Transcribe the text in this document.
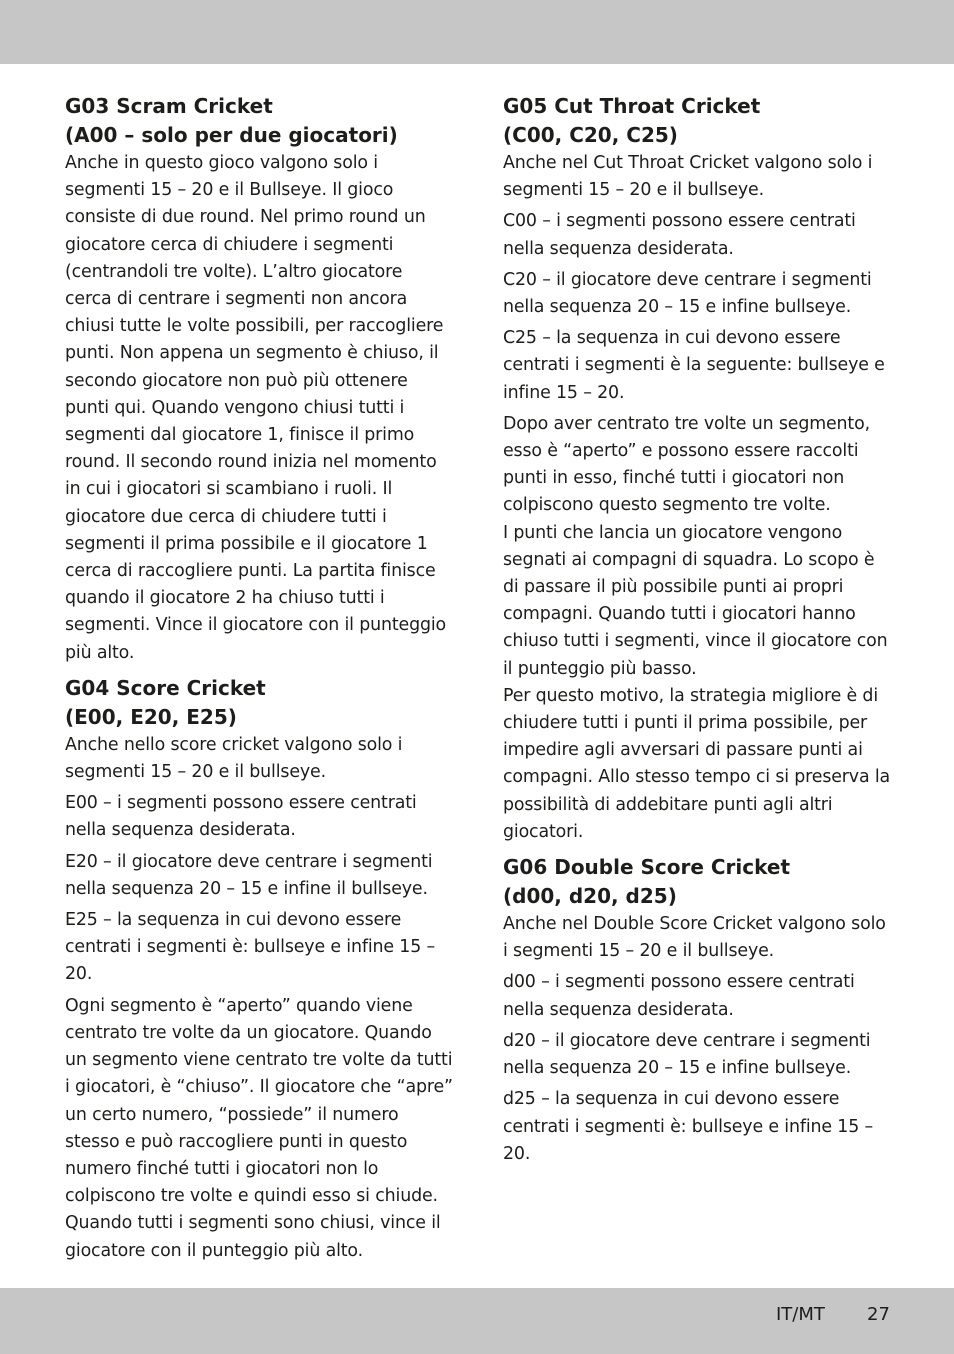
G03 Scram Cricket
(A00 – solo per due giocatori)

Anche in questo gioco valgono solo i segmenti 15 – 20 e il Bullseye. Il gioco consiste di due round. Nel primo round un giocatore cerca di chiudere i segmenti (centrandoli tre volte). L’altro giocatore cerca di centrare i segmenti non ancora chiusi tutte le volte possibili, per raccogliere punti. Non appena un segmento è chiuso, il secondo giocatore non può più ottenere punti qui. Quando vengono chiusi tutti i segmenti dal giocatore 1, finisce il primo round. Il secondo round inizia nel momento in cui i giocatori si scambiano i ruoli. Il giocatore due cerca di chiudere tutti i segmenti il prima possibile e il giocatore 1 cerca di raccogliere punti. La partita finisce quando il giocatore 2 ha chiuso tutti i segmenti. Vince il giocatore con il punteggio più alto.

G04 Score Cricket
(E00, E20, E25)

Anche nello score cricket valgono solo i segmenti 15 – 20 e il bullseye.

E00 – i segmenti possono essere centrati nella sequenza desiderata.

E20 – il giocatore deve centrare i segmenti nella sequenza 20 – 15 e infine il bullseye.

E25 – la sequenza in cui devono essere centrati i segmenti è: bullseye e infine 15 – 20.

Ogni segmento è “aperto” quando viene centrato tre volte da un giocatore. Quando un segmento viene centrato tre volte da tutti i giocatori, è “chiuso”. Il giocatore che “apre” un certo numero, “possiede” il numero stesso e può raccogliere punti in questo numero finché tutti i giocatori non lo colpiscono tre volte e quindi esso si chiude. Quando tutti i segmenti sono chiusi, vince il giocatore con il punteggio più alto.

G05 Cut Throat Cricket
(C00, C20, C25)

Anche nel Cut Throat Cricket valgono solo i segmenti 15 – 20 e il bullseye.

C00 – i segmenti possono essere centrati nella sequenza desiderata.

C20 – il giocatore deve centrare i segmenti nella sequenza 20 – 15 e infine bullseye.

C25 – la sequenza in cui devono essere centrati i segmenti è la seguente: bullseye e infine 15 – 20.

Dopo aver centrato tre volte un segmento, esso è “aperto” e possono essere raccolti punti in esso, finché tutti i giocatori non colpiscono questo segmento tre volte.

I punti che lancia un giocatore vengono segnati ai compagni di squadra. Lo scopo è di passare il più possibile punti ai propri compagni. Quando tutti i giocatori hanno chiuso tutti i segmenti, vince il giocatore con il punteggio più basso.

Per questo motivo, la strategia migliore è di chiudere tutti i punti il prima possibile, per impedire agli avversari di passare punti ai compagni. Allo stesso tempo ci si preserva la possibilità di addebitare punti agli altri giocatori.

G06 Double Score Cricket
(d00, d20, d25)

Anche nel Double Score Cricket valgono solo i segmenti 15 – 20 e il bullseye.

d00 – i segmenti possono essere centrati nella sequenza desiderata.

d20 – il giocatore deve centrare i segmenti nella sequenza 20 – 15 e infine bullseye.

d25 – la sequenza in cui devono essere centrati i segmenti è: bullseye e infine 15 – 20.

IT/MT 27
